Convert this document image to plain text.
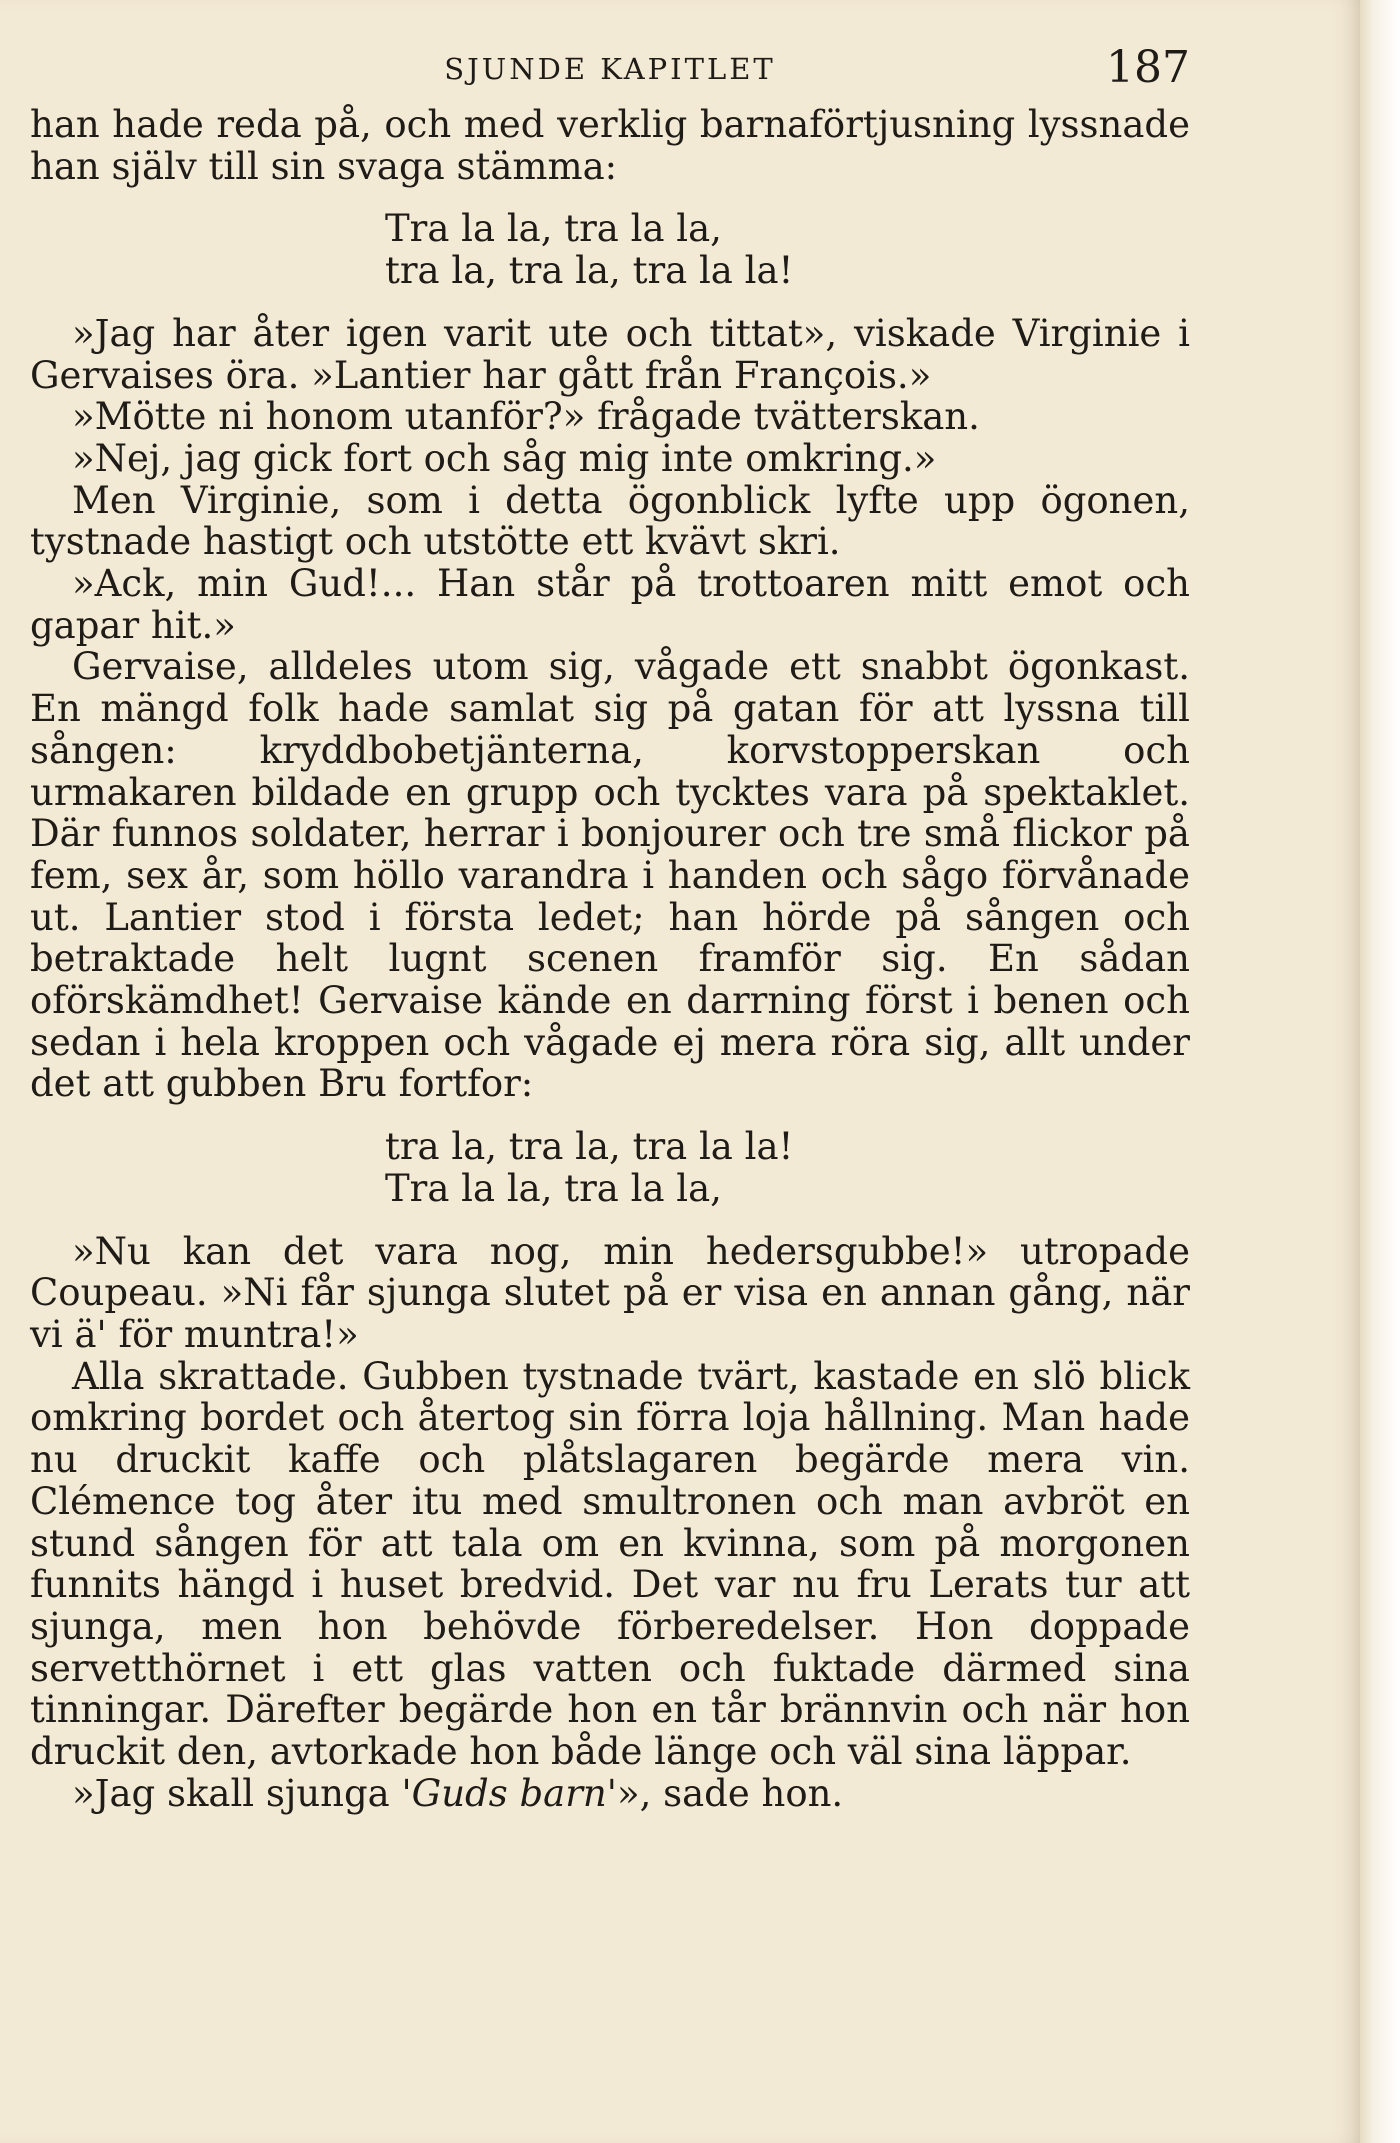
SJUNDE KAPITLET	187

han hade reda på, och med verklig barnaförtjusning lyssnade han själv till sin svaga stämma:

Tra la la, tra la la,
tra la, tra la, tra la la!

»Jag har åter igen varit ute och tittat», viskade Virginie i Gervaises öra. »Lantier har gått från François.»

»Mötte ni honom utanför?» frågade tvätterskan.

»Nej, jag gick fort och såg mig inte omkring.»

Men Virginie, som i detta ögonblick lyfte upp ögonen, tystnade hastigt och utstötte ett kvävt skri.

»Ack, min Gud!... Han står på trottoaren mitt emot och gapar hit.»

Gervaise, alldeles utom sig, vågade ett snabbt ögonkast. En mängd folk hade samlat sig på gatan för att lyssna till sången: kryddbobetjänterna, korvstopperskan och urmakaren bildade en grupp och tycktes vara på spektaklet. Där funnos soldater, herrar i bonjourer och tre små flickor på fem, sex år, som höllo varandra i handen och sågo förvånade ut. Lantier stod i första ledet; han hörde på sången och betraktade helt lugnt scenen framför sig. En sådan oförskämdhet! Gervaise kände en darrning först i benen och sedan i hela kroppen och vågade ej mera röra sig, allt under det att gubben Bru fortfor:

tra la, tra la, tra la la!
Tra la la, tra la la,

»Nu kan det vara nog, min hedersgubbe!» utropade Coupeau. »Ni får sjunga slutet på er visa en annan gång, när vi ä' för muntra!»

Alla skrattade. Gubben tystnade tvärt, kastade en slö blick omkring bordet och återtog sin förra loja hållning. Man hade nu druckit kaffe och plåtslagaren begärde mera vin. Clémence tog åter itu med smultronen och man avbröt en stund sången för att tala om en kvinna, som på morgonen funnits hängd i huset bredvid. Det var nu fru Lerats tur att sjunga, men hon behövde förberedelser. Hon doppade servetthörnet i ett glas vatten och fuktade därmed sina tinningar. Därefter begärde hon en tår brännvin och när hon druckit den, avtorkade hon både länge och väl sina läppar.

»Jag skall sjunga 'Guds barn'», sade hon.
